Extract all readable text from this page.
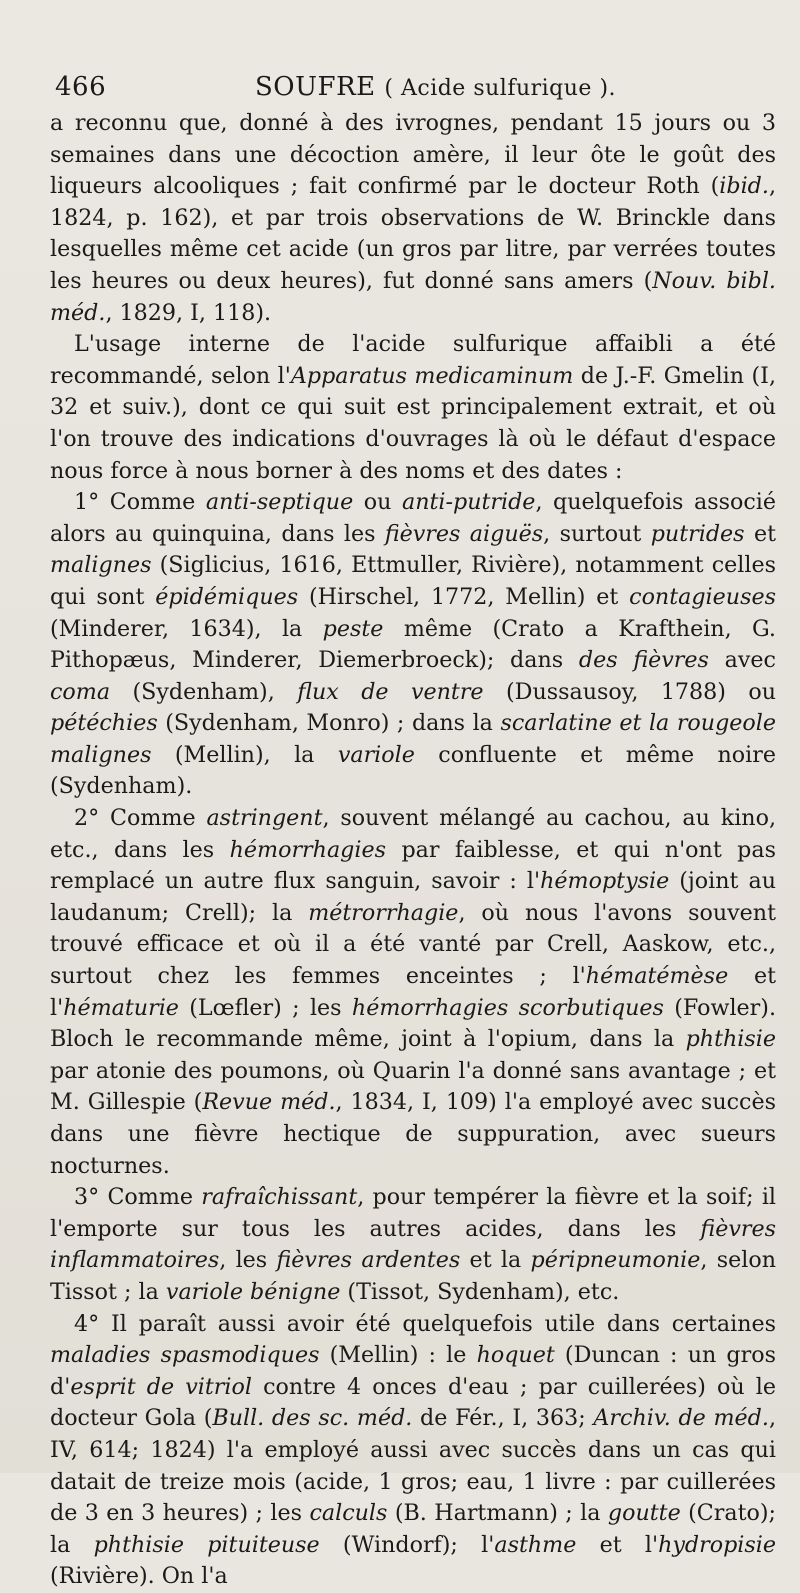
466	SOUFRE ( Acide sulfurique ).

a reconnu que, donné à des ivrognes, pendant 15 jours ou 3 semaines dans une décoction amère, il leur ôte le goût des liqueurs alcooliques ; fait confirmé par le docteur Roth (ibid., 1824, p. 162), et par trois observations de W. Brinckle dans lesquelles même cet acide (un gros par litre, par verrées toutes les heures ou deux heures), fut donné sans amers (Nouv. bibl. méd., 1829, I, 118).

L'usage interne de l'acide sulfurique affaibli a été recommandé, selon l'Apparatus medicaminum de J.-F. Gmelin (I, 32 et suiv.), dont ce qui suit est principalement extrait, et où l'on trouve des indications d'ouvrages là où le défaut d'espace nous force à nous borner à des noms et des dates :

1° Comme anti-septique ou anti-putride, quelquefois associé alors au quinquina, dans les fièvres aiguës, surtout putrides et malignes (Siglicius, 1616, Ettmuller, Rivière), notamment celles qui sont épidémiques (Hirschel, 1772, Mellin) et contagieuses (Minderer, 1634), la peste même (Crato a Krafthein, G. Pithopæus, Minderer, Diemerbroeck); dans des fièvres avec coma (Sydenham), flux de ventre (Dussausoy, 1788) ou pétéchies (Sydenham, Monro) ; dans la scarlatine et la rougeole malignes (Mellin), la variole confluente et même noire (Sydenham).

2° Comme astringent, souvent mélangé au cachou, au kino, etc., dans les hémorrhagies par faiblesse, et qui n'ont pas remplacé un autre flux sanguin, savoir : l'hémoptysie (joint au laudanum; Crell); la métrorrhagie, où nous l'avons souvent trouvé efficace et où il a été vanté par Crell, Aaskow, etc., surtout chez les femmes enceintes ; l'hématémèse et l'hématurie (Lœfler) ; les hémorrhagies scorbutiques (Fowler). Bloch le recommande même, joint à l'opium, dans la phthisie par atonie des poumons, où Quarin l'a donné sans avantage ; et M. Gillespie (Revue méd., 1834, I, 109) l'a employé avec succès dans une fièvre hectique de suppuration, avec sueurs nocturnes.

3° Comme rafraîchissant, pour tempérer la fièvre et la soif; il l'emporte sur tous les autres acides, dans les fièvres inflammatoires, les fièvres ardentes et la péripneumonie, selon Tissot ; la variole bénigne (Tissot, Sydenham), etc.

4° Il paraît aussi avoir été quelquefois utile dans certaines maladies spasmodiques (Mellin) : le hoquet (Duncan : un gros d'esprit de vitriol contre 4 onces d'eau ; par cuillerées) où le docteur Gola (Bull. des sc. méd. de Fér., I, 363; Archiv. de méd., IV, 614; 1824) l'a employé aussi avec succès dans un cas qui datait de treize mois (acide, 1 gros; eau, 1 livre : par cuillerées de 3 en 3 heures) ; les calculs (B. Hartmann) ; la goutte (Crato); la phthisie pituiteuse (Windorf); l'asthme et l'hydropisie (Rivière). On l'a
